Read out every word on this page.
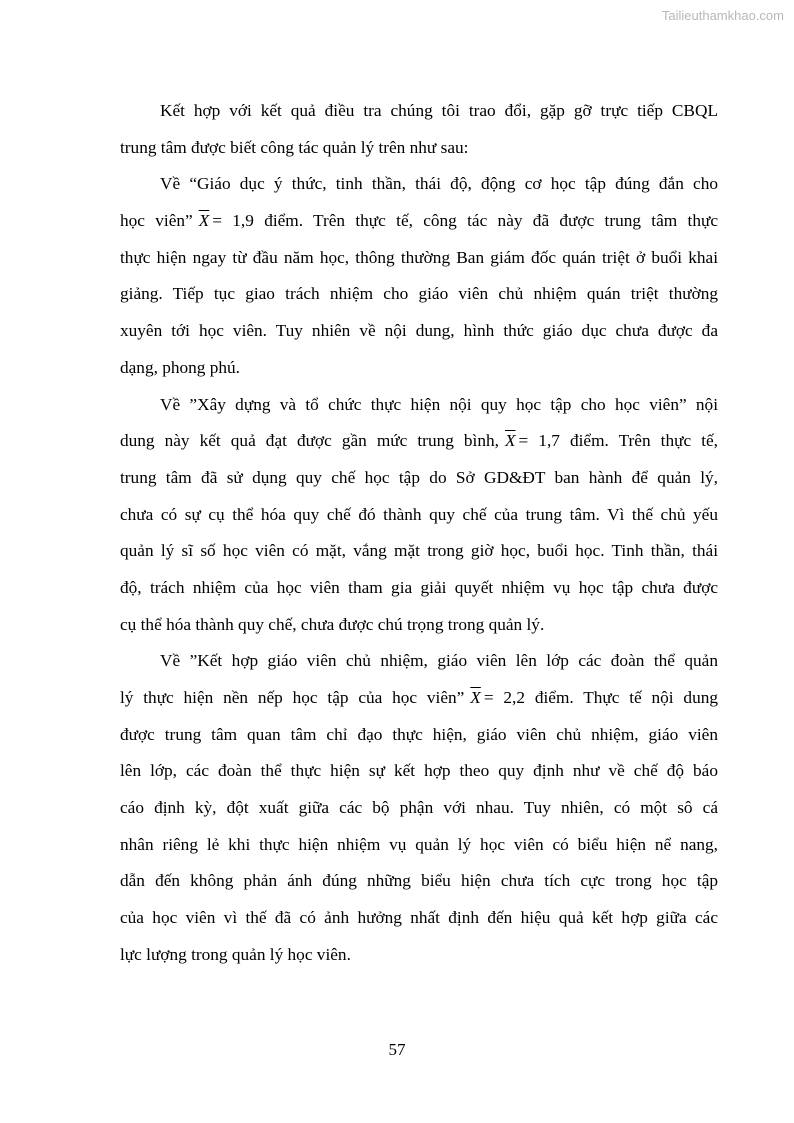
Tailieuthamkhao.com
Kết hợp với kết quả điều tra chúng tôi trao đổi, gặp gỡ trực tiếp CBQL
trung tâm được biết công tác quản lý trên như sau:
Về “Giáo dục ý thức, tinh thần, thái độ, động cơ học tập đúng đắn cho
học viên” $\overline{X} = 1,9$ điểm. Trên thực tế, công tác này đã được trung tâm thực
thực hiện ngay từ đầu năm học, thông thường Ban giám đốc quán triệt ở buổi khai
giảng. Tiếp tục giao trách nhiệm cho giáo viên chủ nhiệm quán triệt thường
xuyên tới học viên. Tuy nhiên về nội dung, hình thức giáo dục chưa được đa
dạng, phong phú.
Về ”Xây dựng và tổ chức thực hiện nội quy học tập cho học viên” nội
dung này kết quả đạt được gần mức trung bình, $\overline{X} = 1,7$ điểm. Trên thực tế,
trung tâm đã sử dụng quy chế học tập do Sở GD&ĐT ban hành để quản lý,
chưa có sự cụ thể hóa quy chế đó thành quy chế của trung tâm. Vì thế chủ yếu
quản lý sĩ số học viên có mặt, vắng mặt trong giờ học, buổi học. Tinh thần, thái
độ, trách nhiệm của học viên tham gia giải quyết nhiệm vụ học tập chưa được
cụ thể hóa thành quy chế, chưa được chú trọng trong quản lý.
Về ”Kết hợp giáo viên chủ nhiệm, giáo viên lên lớp các đoàn thể quản
lý thực hiện nền nếp học tập của học viên” $\overline{X} = 2,2$ điểm. Thực tế nội dung
được trung tâm quan tâm chỉ đạo thực hiện, giáo viên chủ nhiệm, giáo viên
lên lớp, các đoàn thể thực hiện sự kết hợp theo quy định như về chế độ báo
cáo định kỳ, đột xuất giữa các bộ phận với nhau. Tuy nhiên, có một sô cá
nhân riêng lẻ khi thực hiện nhiệm vụ quản lý học viên có biểu hiện nể nang,
dẫn đến không phản ánh đúng những biểu hiện chưa tích cực trong học tập
của học viên vì thế đã có ảnh hưởng nhất định đến hiệu quả kết hợp giữa các
lực lượng trong quản lý học viên.
57
